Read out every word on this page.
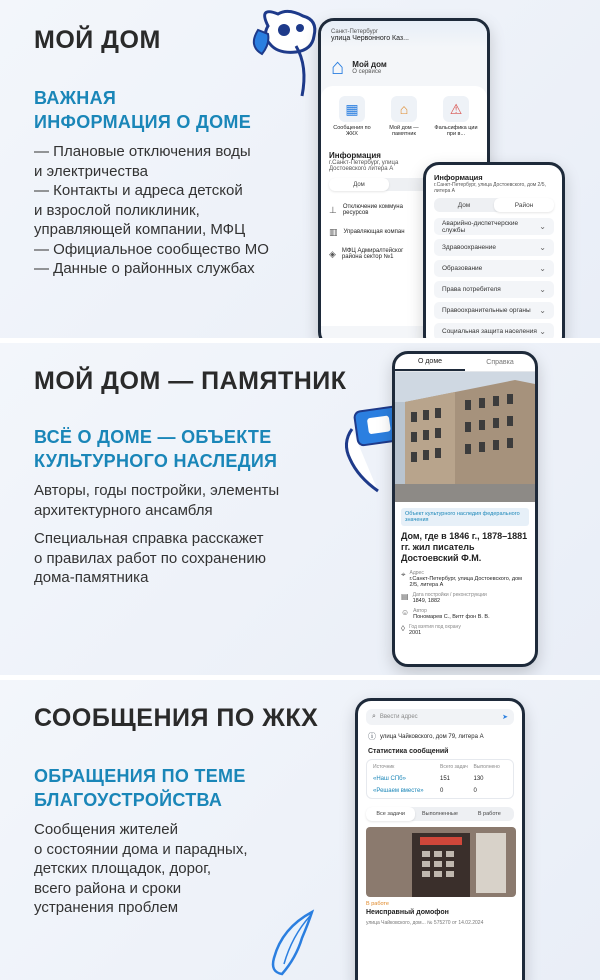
МОЙ ДОМ
ВАЖНАЯ
ИНФОРМАЦИЯ О ДОМЕ
— Плановые отключения воды
и электричества
— Контакты и адреса детской
и взрослой поликлиник,
управляющей компании, МФЦ
— Официальное сообщество МО
— Данные о районных службах
Санкт-Петербург
улица Червонного Каз...
⌂ Мой дом
О сервисе
▦
Сообщения по ЖКХ
⌂
Мой дом — памятник
⚠
Фальсифика ции при в...
Информация
г.Санкт-Петербург, улица Достоевского литера А
Дом
⊥ Отключение коммуна ресурсов
▥ Управляющая компан
◈ МФЦ Адмиралтейског района сектор №1
Информация
г.Санкт-Петербург, улица Достоевского, дом 2/5, литера А
Дом	Район
Аварийно-диспетчерские службы	⌄
Здравоохранение	⌄
Образование	⌄
Права потребителя	⌄
Правоохранительные органы ⌄
Социальная защита населения ⌄
МОЙ ДОМ — ПАМЯТНИК
ВСЁ О ДОМЕ — ОБЪЕКТЕ
КУЛЬТУРНОГО НАСЛЕДИЯ
Авторы, годы постройки, элементы
архитектурного ансамбля
Специальная справка расскажет
о правилах работ по сохранению
дома-памятника
О доме	Справка
Объект культурного наследия федерального значения
Дом, где в 1846 г., 1878–1881 гг. жил писатель Достоевский Ф.М.
⌖ Адрес
г.Санкт-Петербург, улица Достоевского, дом 2/5, литера А
▤ Дата постройки / реконструкции
1849, 1882
☺ Автор
Пономарев С., Витт фон В. В.
◊ Год взятия под охрану
2001
СООБЩЕНИЯ ПО ЖКХ
ОБРАЩЕНИЯ ПО ТЕМЕ
БЛАГОУСТРОЙСТВА
Сообщения жителей
о состоянии дома и парадных,
детских площадок, дорог,
всего района и сроки
устранения проблем
⌕ Ввести адрес	➤
ⓘ улица Чайковского, дом 79, литера А
Статистика сообщений
Источник	Всего задач	Выполнено
«Наш СПб»	151	130
«Решаем вместе»	0	0
Все задачи	Выполненные	В работе
В работе
Неисправный домофон
улица Чайковского, дом... № 575270 от 14.02.2024
